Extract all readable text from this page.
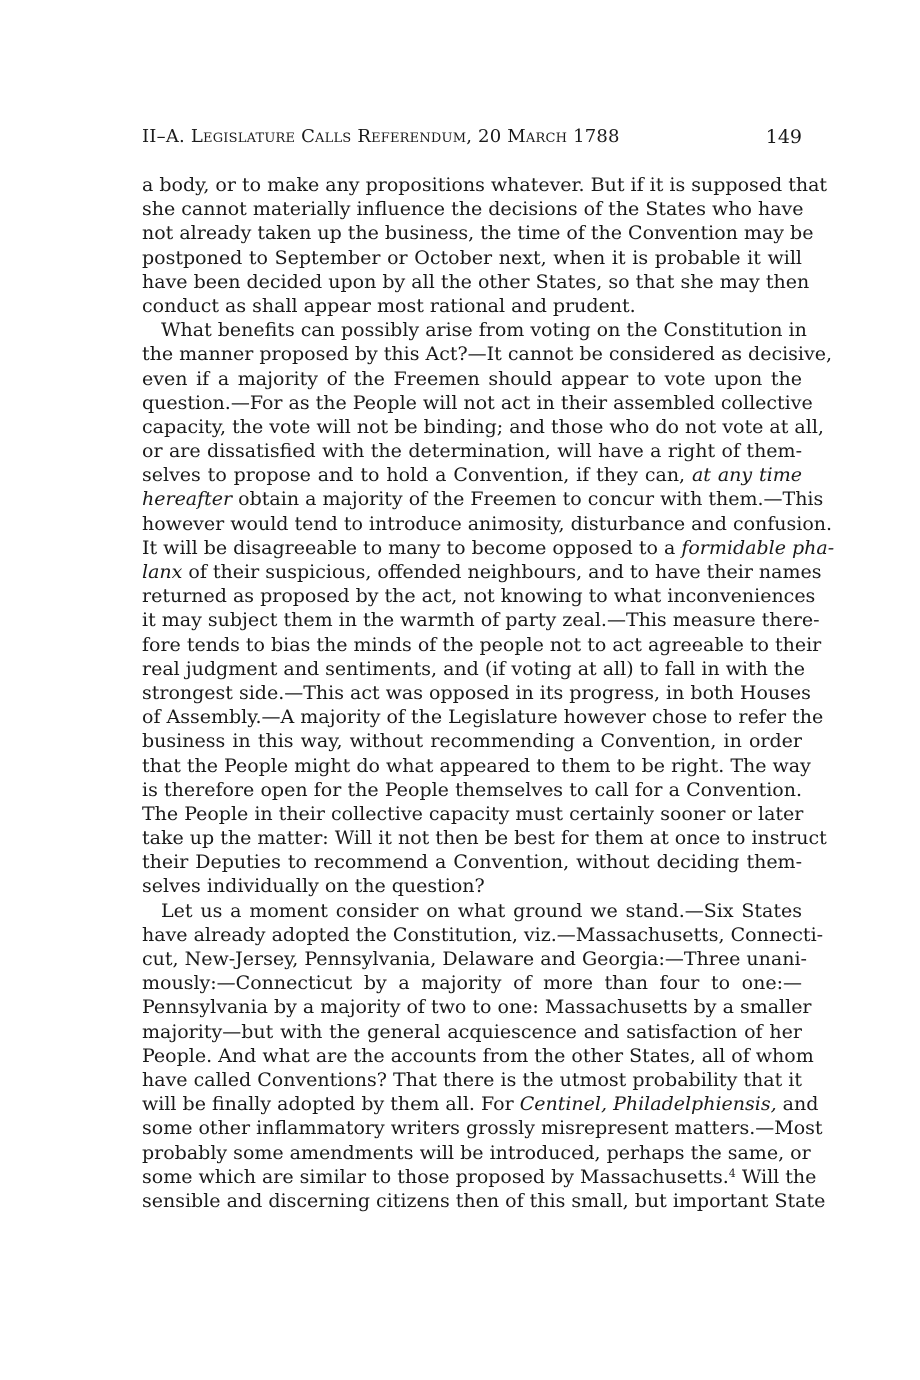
II–A. Legislature Calls Referendum, 20 March 1788	149
a body, or to make any propositions whatever. But if it is supposed that
she cannot materially influence the decisions of the States who have
not already taken up the business, the time of the Convention may be
postponed to September or October next, when it is probable it will
have been decided upon by all the other States, so that she may then
conduct as shall appear most rational and prudent.
What benefits can possibly arise from voting on the Constitution in
the manner proposed by this Act?—It cannot be considered as decisive,
even if a majority of the Freemen should appear to vote upon the
question.—For as the People will not act in their assembled collective
capacity, the vote will not be binding; and those who do not vote at all,
or are dissatisfied with the determination, will have a right of them-
selves to propose and to hold a Convention, if they can, at any time
hereafter obtain a majority of the Freemen to concur with them.—This
however would tend to introduce animosity, disturbance and confusion.
It will be disagreeable to many to become opposed to a formidable pha-
lanx of their suspicious, offended neighbours, and to have their names
returned as proposed by the act, not knowing to what inconveniences
it may subject them in the warmth of party zeal.—This measure there-
fore tends to bias the minds of the people not to act agreeable to their
real judgment and sentiments, and (if voting at all) to fall in with the
strongest side.—This act was opposed in its progress, in both Houses
of Assembly.—A majority of the Legislature however chose to refer the
business in this way, without recommending a Convention, in order
that the People might do what appeared to them to be right. The way
is therefore open for the People themselves to call for a Convention.
The People in their collective capacity must certainly sooner or later
take up the matter: Will it not then be best for them at once to instruct
their Deputies to recommend a Convention, without deciding them-
selves individually on the question?
Let us a moment consider on what ground we stand.—Six States
have already adopted the Constitution, viz.—Massachusetts, Connecti-
cut, New-Jersey, Pennsylvania, Delaware and Georgia:—Three unani-
mously:—Connecticut by a majority of more than four to one:—
Pennsylvania by a majority of two to one: Massachusetts by a smaller
majority—but with the general acquiescence and satisfaction of her
People. And what are the accounts from the other States, all of whom
have called Conventions? That there is the utmost probability that it
will be finally adopted by them all. For Centinel, Philadelphiensis, and
some other inflammatory writers grossly misrepresent matters.—Most
probably some amendments will be introduced, perhaps the same, or
some which are similar to those proposed by Massachusetts.$^4$ Will the
sensible and discerning citizens then of this small, but important State
